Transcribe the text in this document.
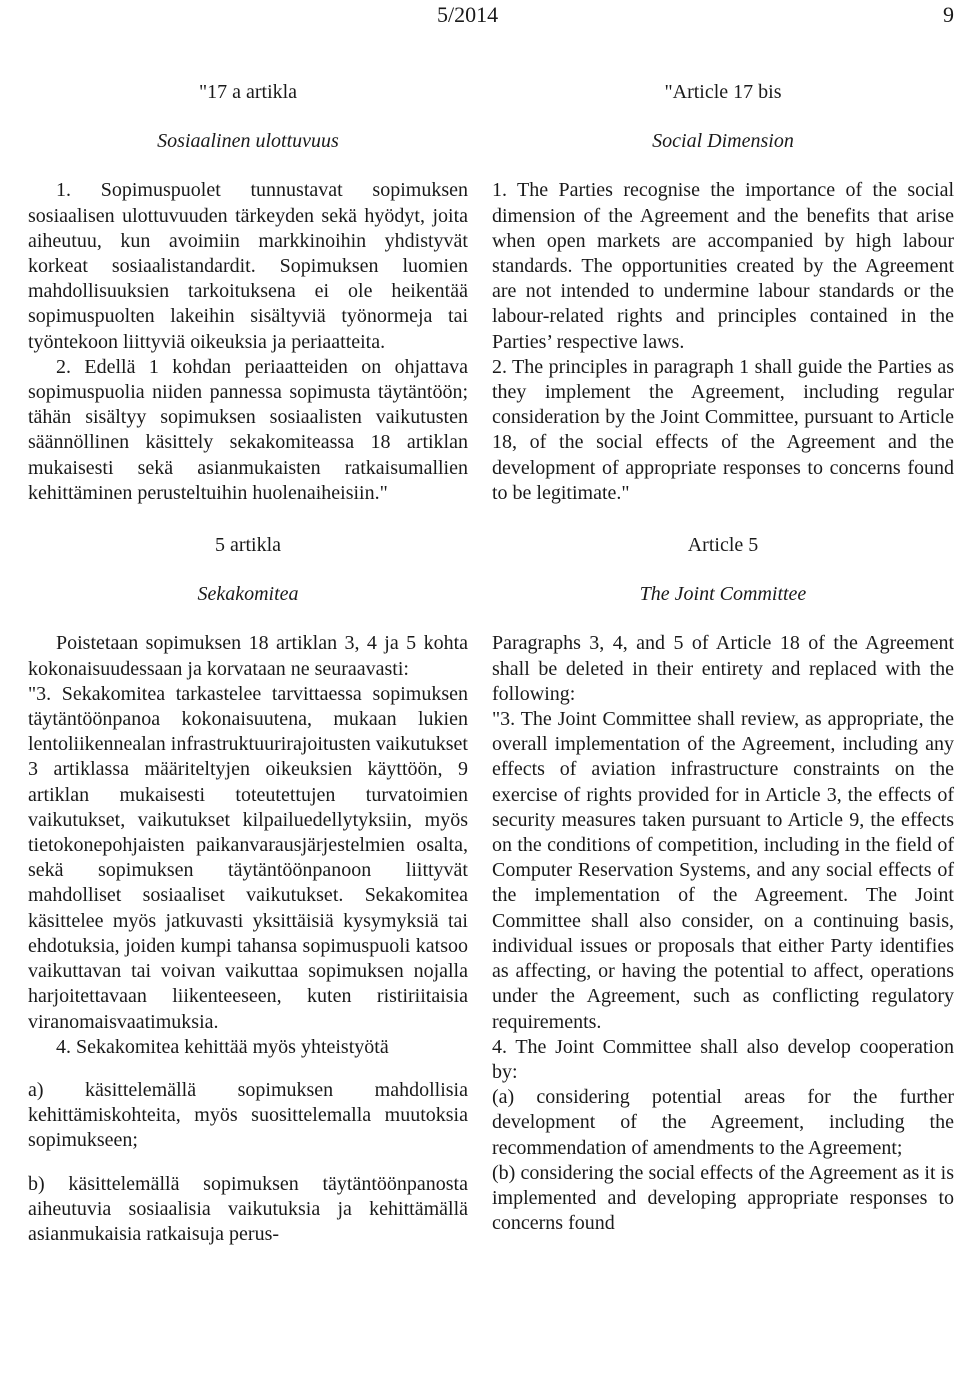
5/2014	9

"17 a artikla

Sosiaalinen ulottuvuus

1. Sopimuspuolet tunnustavat sopimuksen sosiaalisen ulottuvuuden tärkeyden sekä hyödyt, joita aiheutuu, kun avoimiin markkinoihin yhdistyvät korkeat sosiaalistandardit. Sopimuksen luomien mahdollisuuksien tarkoituksena ei ole heikentää sopimuspuolten lakeihin sisältyviä työnormeja tai työntekoon liittyviä oikeuksia ja periaatteita.

2. Edellä 1 kohdan periaatteiden on ohjattava sopimuspuolia niiden pannessa sopimusta täytäntöön; tähän sisältyy sopimuksen sosiaalisten vaikutusten säännöllinen käsittely sekakomiteassa 18 artiklan mukaisesti sekä asianmukaisten ratkaisumallien kehittäminen perusteltuihin huolenaiheisiin."

5 artikla

Sekakomitea

Poistetaan sopimuksen 18 artiklan 3, 4 ja 5 kohta kokonaisuudessaan ja korvataan ne seuraavasti:

"3. Sekakomitea tarkastelee tarvittaessa sopimuksen täytäntöönpanoa kokonaisuutena, mukaan lukien lentoliikennealan infrastruktuurirajoitusten vaikutukset 3 artiklassa määriteltyjen oikeuksien käyttöön, 9 artiklan mukaisesti toteutettujen turvatoimien vaikutukset, vaikutukset kilpailuedellytyksiin, myös tietokonepohjaisten paikanvarausjärjestelmien osalta, sekä sopimuksen täytäntöönpanoon liittyvät mahdolliset sosiaaliset vaikutukset. Sekakomitea käsittelee myös jatkuvasti yksittäisiä kysymyksiä tai ehdotuksia, joiden kumpi tahansa sopimuspuoli katsoo vaikuttavan tai voivan vaikuttaa sopimuksen nojalla harjoitettavaan liikenteeseen, kuten ristiriitaisia viranomaisvaatimuksia.

4. Sekakomitea kehittää myös yhteistyötä

a) käsittelemällä sopimuksen mahdollisia kehittämiskohteita, myös suosittelemalla muutoksia sopimukseen;

b) käsittelemällä sopimuksen täytäntöönpanosta aiheutuvia sosiaalisia vaikutuksia ja kehittämällä asianmukaisia ratkaisuja perus-

"Article 17 bis

Social Dimension

1. The Parties recognise the importance of the social dimension of the Agreement and the benefits that arise when open markets are accompanied by high labour standards. The opportunities created by the Agreement are not intended to undermine labour standards or the labour-related rights and principles contained in the Parties’ respective laws.

2. The principles in paragraph 1 shall guide the Parties as they implement the Agreement, including regular consideration by the Joint Committee, pursuant to Article 18, of the social effects of the Agreement and the development of appropriate responses to concerns found to be legitimate."

Article 5

The Joint Committee

Paragraphs 3, 4, and 5 of Article 18 of the Agreement shall be deleted in their entirety and replaced with the following:

"3. The Joint Committee shall review, as appropriate, the overall implementation of the Agreement, including any effects of aviation infrastructure constraints on the exercise of rights provided for in Article 3, the effects of security measures taken pursuant to Article 9, the effects on the conditions of competition, including in the field of Computer Reservation Systems, and any social effects of the implementation of the Agreement. The Joint Committee shall also consider, on a continuing basis, individual issues or proposals that either Party identifies as affecting, or having the potential to affect, operations under the Agreement, such as conflicting regulatory requirements.

4. The Joint Committee shall also develop cooperation by:

(a) considering potential areas for the further development of the Agreement, including the recommendation of amendments to the Agreement;

(b) considering the social effects of the Agreement as it is implemented and developing appropriate responses to concerns found
